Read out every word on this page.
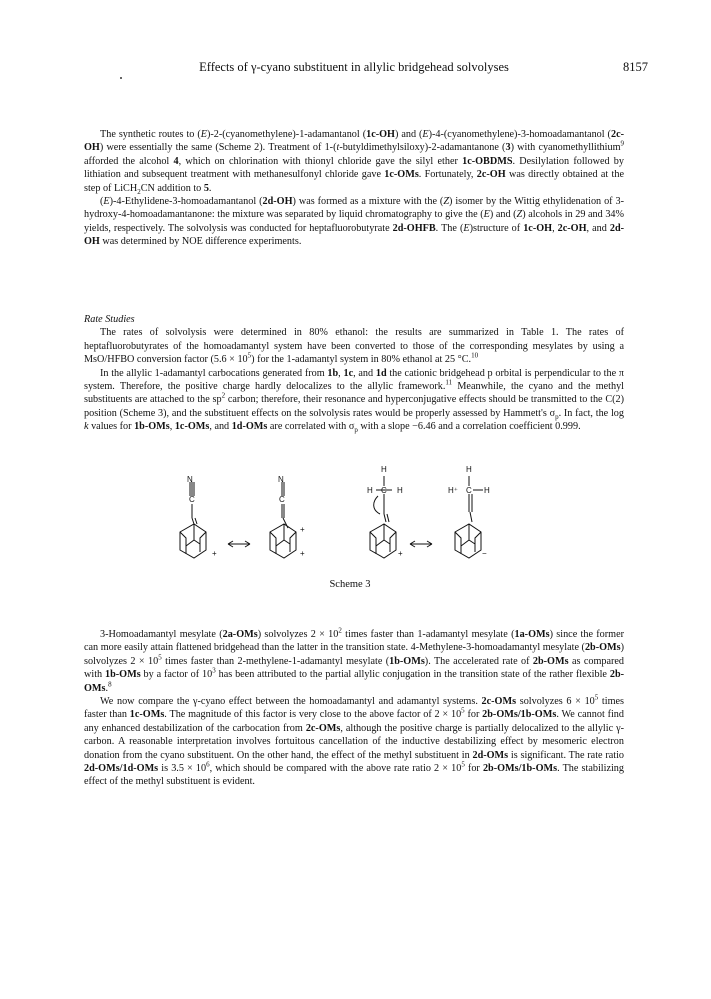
Effects of γ-cyano substituent in allylic bridgehead solvolyses	8157

The synthetic routes to (E)-2-(cyanomethylene)-1-adamantanol (1c-OH) and (E)-4-(cyanomethylene)-3-homoadamantanol (2c-OH) were essentially the same (Scheme 2). Treatment of 1-(t-butyldimethylsiloxy)-2-adamantanone (3) with cyanomethyllithium$^9$ afforded the alcohol 4, which on chlorination with thionyl chloride gave the silyl ether 1c-OBDMS. Desilylation followed by lithiation and subsequent treatment with methanesulfonyl chloride gave 1c-OMs. Fortunately, 2c-OH was directly obtained at the step of LiCH$_2$CN addition to 5.

(E)-4-Ethylidene-3-homoadamantanol (2d-OH) was formed as a mixture with the (Z) isomer by the Wittig ethylidenation of 3-hydroxy-4-homoadamantanone: the mixture was separated by liquid chromatography to give the (E) and (Z) alcohols in 29 and 34% yields, respectively. The solvolysis was conducted for heptafluorobutyrate 2d-OHFB. The (E)structure of 1c-OH, 2c-OH, and 2d-OH was determined by NOE difference experiments.

Rate Studies

The rates of solvolysis were determined in 80% ethanol: the results are summarized in Table 1. The rates of heptafluorobutyrates of the homoadamantyl system have been converted to those of the corresponding mesylates by using a MsO/HFBO conversion factor $(5.6 \times 10^5)$ for the 1-adamantyl system in 80% ethanol at 25 °C.$^{10}$

In the allylic 1-adamantyl carbocations generated from 1b, 1c, and 1d the cationic bridgehead p orbital is perpendicular to the π system. Therefore, the positive charge hardly delocalizes to the allylic framework.$^{11}$ Meanwhile, the cyano and the methyl substituents are attached to the $sp^2$ carbon; therefore, their resonance and hyperconjugative effects should be transmitted to the C(2) position (Scheme 3), and the substituent effects on the solvolysis rates would be properly assessed by Hammett's $\sigma_p$. In fact, the log k values for 1b-OMs, 1c-OMs, and 1d-OMs are correlated with $\sigma_p$ with a slope −6.46 and a correlation coefficient 0.999.

N
C
+
N
C
+
+
H
H C H
+
H
H⁺ C H
−
Scheme 3

3-Homoadamantyl mesylate (2a-OMs) solvolyzes $2 \times 10^2$ times faster than 1-adamantyl mesylate (1a-OMs) since the former can more easily attain flattened bridgehead than the latter in the transition state. 4-Methylene-3-homoadamantyl mesylate (2b-OMs) solvolyzes $2 \times 10^5$ times faster than 2-methylene-1-adamantyl mesylate (1b-OMs). The accelerated rate of 2b-OMs as compared with 1b-OMs by a factor of $10^3$ has been attributed to the partial allylic conjugation in the transition state of the rather flexible 2b-OMs.$^8$

We now compare the γ-cyano effect between the homoadamantyl and adamantyl systems. 2c-OMs solvolyzes $6 \times 10^5$ times faster than 1c-OMs. The magnitude of this factor is very close to the above factor of $2 \times 10^5$ for 2b-OMs/1b-OMs. We cannot find any enhanced destabilization of the carbocation from 2c-OMs, although the positive charge is partially delocalized to the allylic γ-carbon. A reasonable interpretation involves fortuitous cancellation of the inductive destabilizing effect by mesomeric electron donation from the cyano substituent. On the other hand, the effect of the methyl substituent in 2d-OMs is significant. The rate ratio 2d-OMs/1d-OMs is $3.5 \times 10^6$, which should be compared with the above rate ratio $2 \times 10^5$ for 2b-OMs/1b-OMs. The stabilizing effect of the methyl substituent is evident.
